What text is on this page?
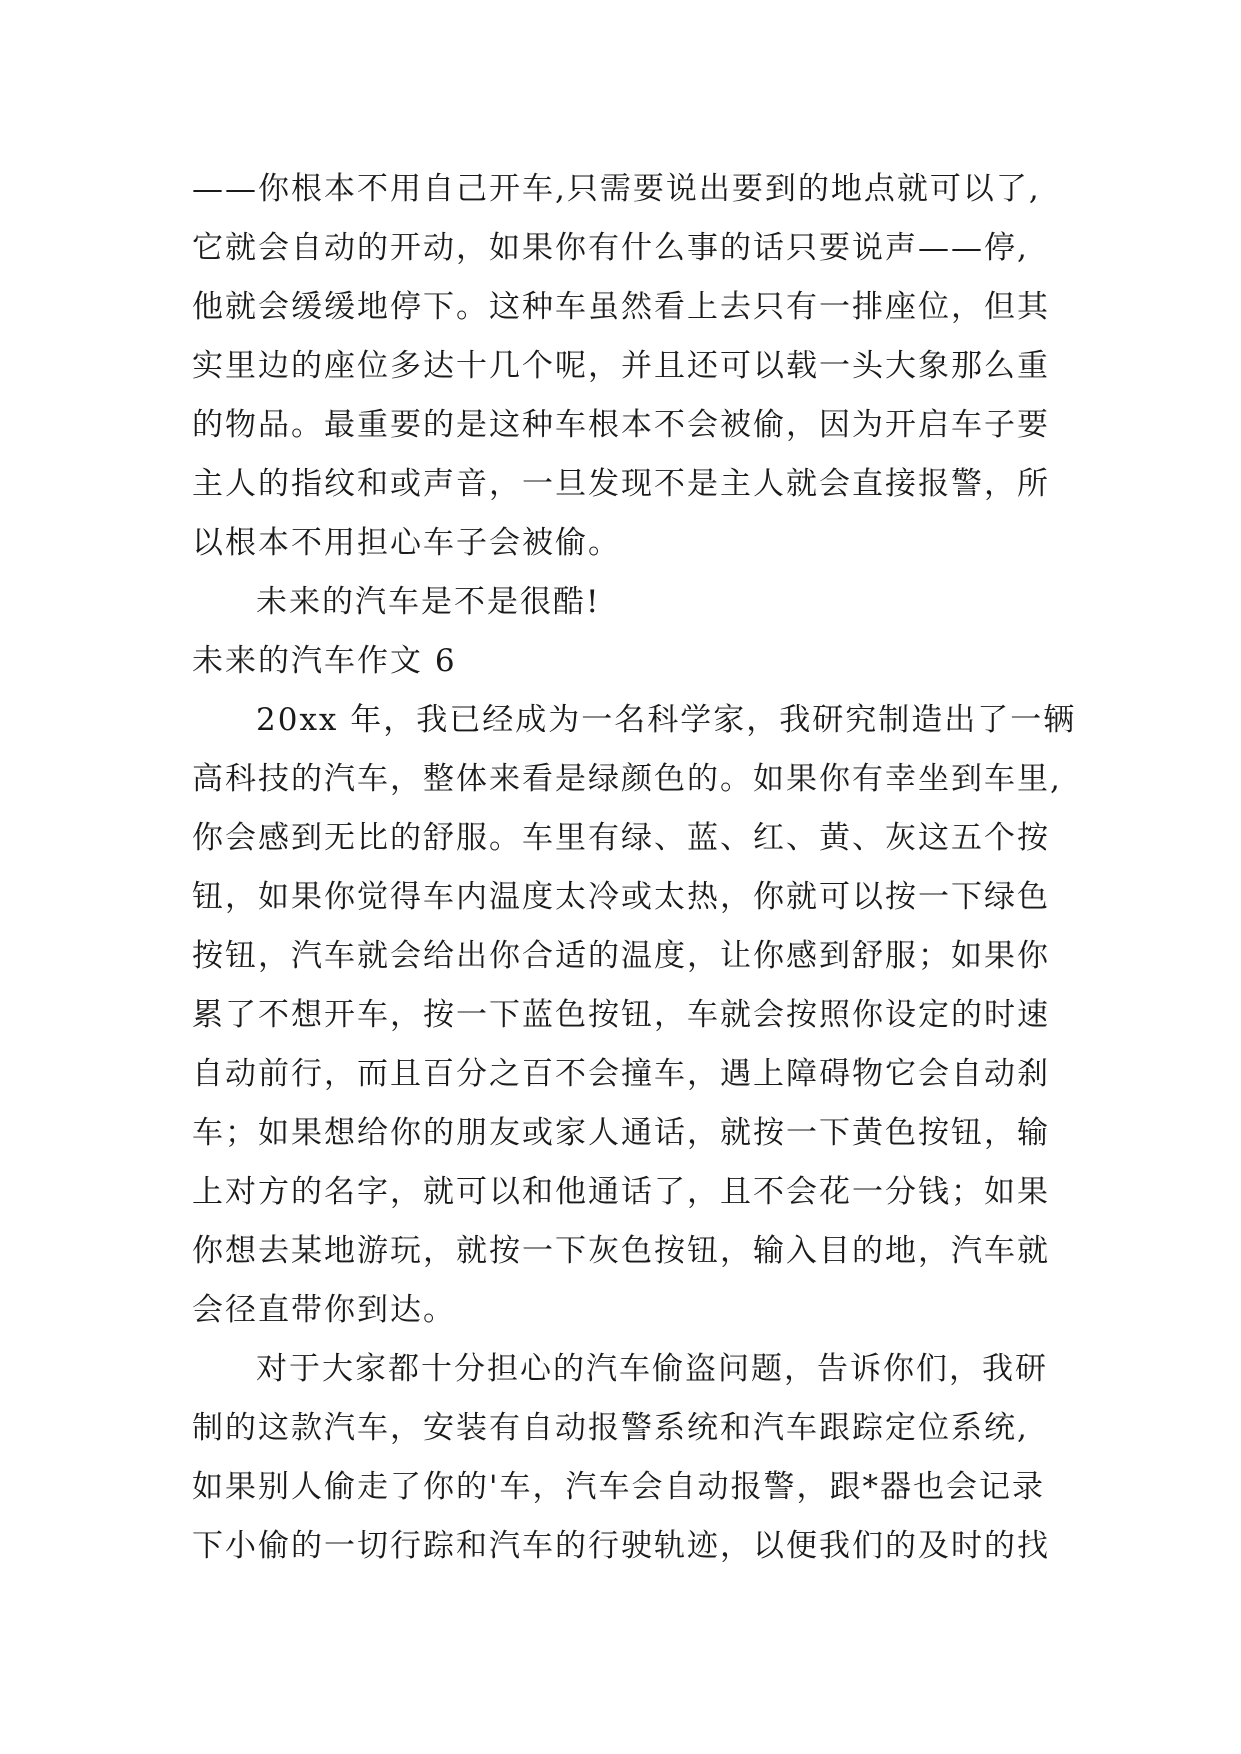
——你根本不用自己开车,只需要说出要到的地点就可以了,
它就会自动的开动，如果你有什么事的话只要说声——停,
他就会缓缓地停下。这种车虽然看上去只有一排座位，但其
实里边的座位多达十几个呢，并且还可以载一头大象那么重
的物品。最重要的是这种车根本不会被偷，因为开启车子要
主人的指纹和或声音，一旦发现不是主人就会直接报警，所
以根本不用担心车子会被偷。
未来的汽车是不是很酷!
未来的汽车作文 6
20xx 年，我已经成为一名科学家，我研究制造出了一辆
高科技的汽车，整体来看是绿颜色的。如果你有幸坐到车里,
你会感到无比的舒服。车里有绿、蓝、红、黄、灰这五个按
钮，如果你觉得车内温度太冷或太热，你就可以按一下绿色
按钮，汽车就会给出你合适的温度，让你感到舒服；如果你
累了不想开车，按一下蓝色按钮，车就会按照你设定的时速
自动前行，而且百分之百不会撞车，遇上障碍物它会自动刹
车；如果想给你的朋友或家人通话，就按一下黄色按钮，输
上对方的名字，就可以和他通话了，且不会花一分钱；如果
你想去某地游玩，就按一下灰色按钮，输入目的地，汽车就
会径直带你到达。
对于大家都十分担心的汽车偷盗问题，告诉你们，我研
制的这款汽车，安装有自动报警系统和汽车跟踪定位系统,
如果别人偷走了你的'车，汽车会自动报警，跟*器也会记录
下小偷的一切行踪和汽车的行驶轨迹，以便我们的及时的找
